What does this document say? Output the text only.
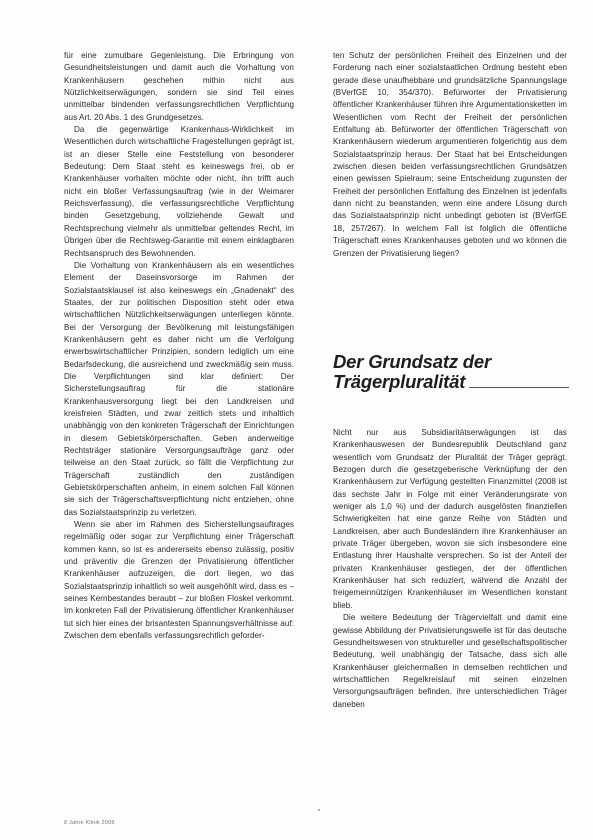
für eine zumutbare Gegenleistung. Die Erbringung von Gesundheitsleistungen und damit auch die Vorhaltung von Krankenhäusern geschehen mithin nicht aus Nützlichkeitserwägungen, sondern sie sind Teil eines unmittelbar bindenden verfassungsrechtlichen Verpflichtung aus Art. 20 Abs. 1 des Grundgesetzes.

Da die gegenwärtige Krankenhaus-Wirklichkeit im Wesentlichen durch wirtschaftliche Fragestellungen geprägt ist, ist an dieser Stelle eine Feststellung von besonderer Bedeutung: Dem Staat steht es keineswegs frei, ob er Krankenhäuser vorhalten möchte oder nicht, ihn trifft auch nicht ein bloßer Verfassungsauftrag (wie in der Weimarer Reichsverfassung), die verfassungsrechtliche Verpflichtung binden Gesetzgebung, vollziehende Gewalt und Rechtsprechung vielmehr als unmittelbar geltendes Recht, im Übrigen über die Rechtsweg-Garantie mit einem einklagbaren Rechtsanspruch des Bewohnenden.

Die Vorhaltung von Krankenhäusern als ein wesentliches Element der Daseinsvorsorge im Rahmen der Sozialstaatsklausel ist also keineswegs ein „Gnadenakt“ des Staates, der zur politischen Disposition steht oder etwa wirtschaftlichen Nützlichkeitserwägungen unterliegen könnte. Bei der Versorgung der Bevölkerung mit leistungsfähigen Krankenhäusern geht es daher nicht um die Verfolgung erwerbswirtschaftlicher Prinzipien, sondern lediglich um eine Bedarfsdeckung, die ausreichend und zweckmäßig sein muss. Die Verpflichtungen sind klar definiert: Der Sicherstellungsauftrag für die stationäre Krankenhausversorgung liegt bei den Landkreisen und kreisfreien Städten, und zwar zeitlich stets und inhaltlich unabhängig von den konkreten Trägerschaft der Einrichtungen in diesem Gebietskörperschaften. Geben anderweitige Rechtsträger stationäre Versorgungsaufträge ganz oder teilweise an den Staat zurück, so fällt die Verpflichtung zur Trägerschaft zuständlich den zuständigen Gebietskörperschaften anheim, in einem solchen Fall können sie sich der Trägerschaftsverpflichtung nicht entziehen, ohne das Sozialstaatsprinzip zu verletzen.

Wenn sie aber im Rahmen des Sicherstellungsauftrages regelmäßig oder sogar zur Verpflichtung einer Trägerschaft kommen kann, so ist es andererseits ebenso zulässig, positiv und präventiv die Grenzen der Privatisierung öffentlicher Krankenhäuser aufzuzeigen, die dort liegen, wo das Sozialstaatsprinzip inhaltlich so weit ausgehöhlt wird, dass es – seines Kernbestandes beraubt – zur bloßen Floskel verkommt. Im konkreten Fall der Privatisierung öffentlicher Krankenhäuser tut sich hier eines der brisantesten Spannungsverhältnisse auf: Zwischen dem ebenfalls verfassungsrechtlich geforder-

ten Schutz der persönlichen Freiheit des Einzelnen und der Forderung nach einer sozialstaatlichen Ordnung besteht eben gerade diese unaufhebbare und grundsätzliche Spannungslage (BVerfGE 10, 354/370). Befürworter der Privatisierung öffentlicher Krankenhäuser führen ihre Argumentationsketten im Wesentlichen vom Recht der Freiheit der persönlichen Entfaltung ab. Befürworter der öffentlichen Trägerschaft von Krankenhäusern wiederum argumentieren folgerichtig aus dem Sozialstaatsprinzip heraus. Der Staat hat bei Entscheidungen zwischen diesen beiden verfassungsrechtlichen Grundsätzen einen gewissen Spielraum; seine Entscheidung zugunsten der Freiheit der persönlichen Entfaltung des Einzelnen ist jedenfalls dann nicht zu beanstanden, wenn eine andere Lösung durch das Sozialstaatsprinzip nicht unbedingt geboten ist (BVerfGE 18, 257/267). In welchem Fall ist folglich die öffentliche Trägerschaft eines Krankenhauses geboten und wo können die Grenzen der Privatisierung liegen?

Der Grundsatz der
Trägerpluralität

Nicht nur aus Subsidiaritätserwägungen ist das Krankenhauswesen der Bundesrepublik Deutschland ganz wesentlich vom Grundsatz der Pluralität der Träger geprägt. Bezogen durch die gesetzgeberische Verknüpfung der den Krankenhäusern zur Verfügung gestellten Finanzmittel (2008 ist das sechste Jahr in Folge mit einer Veränderungsrate von weniger als 1,0 %) und der dadurch ausgelösten finanziellen Schwierigkeiten hat eine ganze Reihe von Städten und Landkreisen, aber auch Bundesländern ihre Krankenhäuser an private Träger übergeben, wovon sie sich insbesondere eine Entlastung ihrer Haushalte versprechen. So ist der Anteil der privaten Krankenhäuser gestiegen, der der öffentlichen Krankenhäuser hat sich reduziert, während die Anzahl der freigemeinnützigen Krankenhäuser im Wesentlichen konstant blieb.

Die weitere Bedeutung der Trägervielfalt und damit eine gewisse Abbildung der Privatisierungswelle ist für das deutsche Gesundheitswesen von struktureller und gesellschaftspolitischer Bedeutung, weil unabhängig der Tatsache, dass sich alle Krankenhäuser gleichermaßen in demselben rechtlichen und wirtschaftlichen Regelkreislauf mit seinen einzelnen Versorgungsaufträgen befinden, ihre unterschiedlichen Träger daneben

8 Jahre Klinik 2008
